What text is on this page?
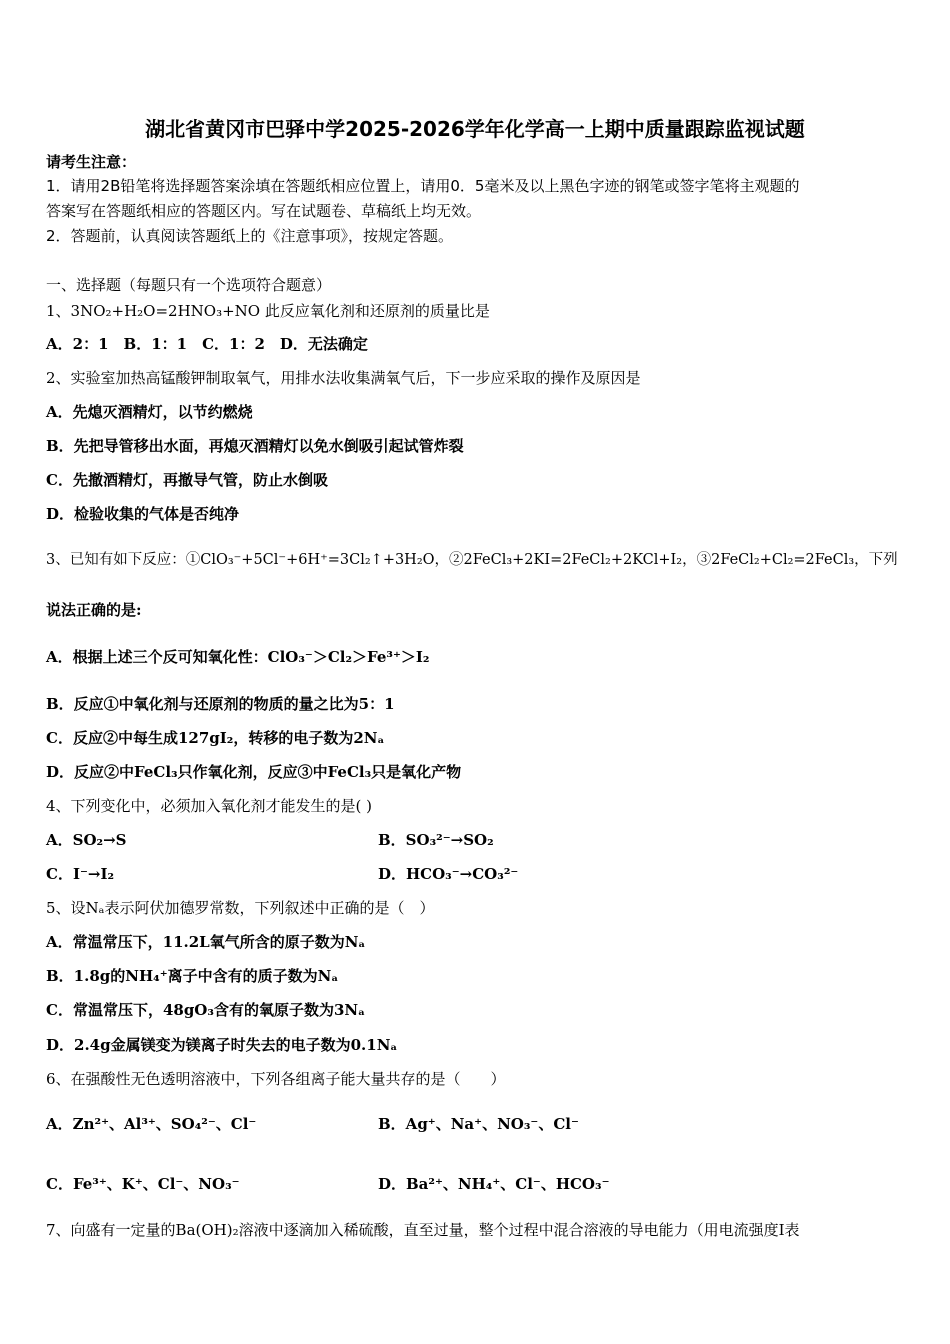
湖北省黄冈市巴驿中学2025-2026学年化学高一上期中质量跟踪监视试题
请考生注意：
1．请用2B铅笔将选择题答案涂填在答题纸相应位置上，请用0．5毫米及以上黑色字迹的钢笔或签字笔将主观题的
答案写在答题纸相应的答题区内。写在试题卷、草稿纸上均无效。
2．答题前，认真阅读答题纸上的《注意事项》，按规定答题。
一、选择题（每题只有一个选项符合题意）
1、3NO₂+H₂O=2HNO₃+NO 此反应氧化剂和还原剂的质量比是
A．2：1　B．1：1　C．1：2　D．无法确定
2、实验室加热高锰酸钾制取氧气，用排水法收集满氧气后，下一步应采取的操作及原因是
A．先熄灭酒精灯，以节约燃烧
B．先把导管移出水面，再熄灭酒精灯以免水倒吸引起试管炸裂
C．先撤酒精灯，再撤导气管，防止水倒吸
D．检验收集的气体是否纯净
3、已知有如下反应：①ClO₃⁻+5Cl⁻+6H⁺=3Cl₂↑+3H₂O，②2FeCl₃+2KI=2FeCl₂+2KCl+I₂，③2FeCl₂+Cl₂=2FeCl₃，下列
说法正确的是:
A．根据上述三个反可知氧化性：ClO₃⁻＞Cl₂＞Fe³⁺＞I₂
B．反应①中氧化剂与还原剂的物质的量之比为5：1
C．反应②中每生成127gI₂，转移的电子数为2Nₐ
D．反应②中FeCl₃只作氧化剂，反应③中FeCl₃只是氧化产物
4、下列变化中，必须加入氧化剂才能发生的是( )
A．SO₂→S	B．SO₃²⁻→SO₂
C．I⁻→I₂	D．HCO₃⁻→CO₃²⁻
5、设Nₐ表示阿伏加德罗常数，下列叙述中正确的是（　）
A．常温常压下，11.2L氧气所含的原子数为Nₐ
B．1.8g的NH₄⁺离子中含有的质子数为Nₐ
C．常温常压下，48gO₃含有的氧原子数为3Nₐ
D．2.4g金属镁变为镁离子时失去的电子数为0.1Nₐ
6、在强酸性无色透明溶液中，下列各组离子能大量共存的是（　　）
A．Zn²⁺、Al³⁺、SO₄²⁻、Cl⁻	B．Ag⁺、Na⁺、NO₃⁻、Cl⁻
C．Fe³⁺、K⁺、Cl⁻、NO₃⁻	D．Ba²⁺、NH₄⁺、Cl⁻、HCO₃⁻
7、向盛有一定量的Ba(OH)₂溶液中逐滴加入稀硫酸，直至过量，整个过程中混合溶液的导电能力（用电流强度I表
